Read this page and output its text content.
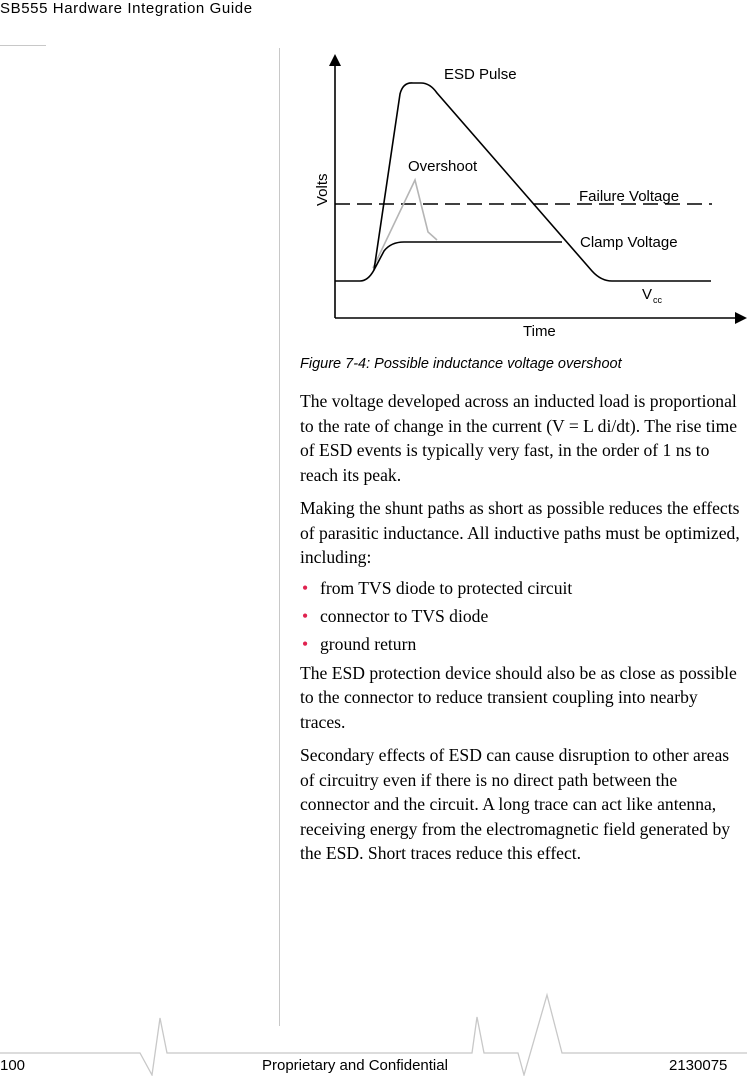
SB555 Hardware Integration Guide
ESD Pulse
Overshoot
Failure Voltage
Clamp Voltage
V cc
Volts
Time
Figure 7-4: Possible inductance voltage overshoot

The voltage developed across an inducted load is proportional to the rate of change in the current (V = L di/dt). The rise time of ESD events is typically very fast, in the order of 1 ns to reach its peak.

Making the shunt paths as short as possible reduces the effects of parasitic inductance. All inductive paths must be optimized, including:

• from TVS diode to protected circuit
• connector to TVS diode
• ground return

The ESD protection device should also be as close as possible to the connector to reduce transient coupling into nearby traces.

Secondary effects of ESD can cause disruption to other areas of circuitry even if there is no direct path between the connector and the circuit. A long trace can act like antenna, receiving energy from the electromagnetic field generated by the ESD. Short traces reduce this effect.

100	Proprietary and Confidential	2130075
